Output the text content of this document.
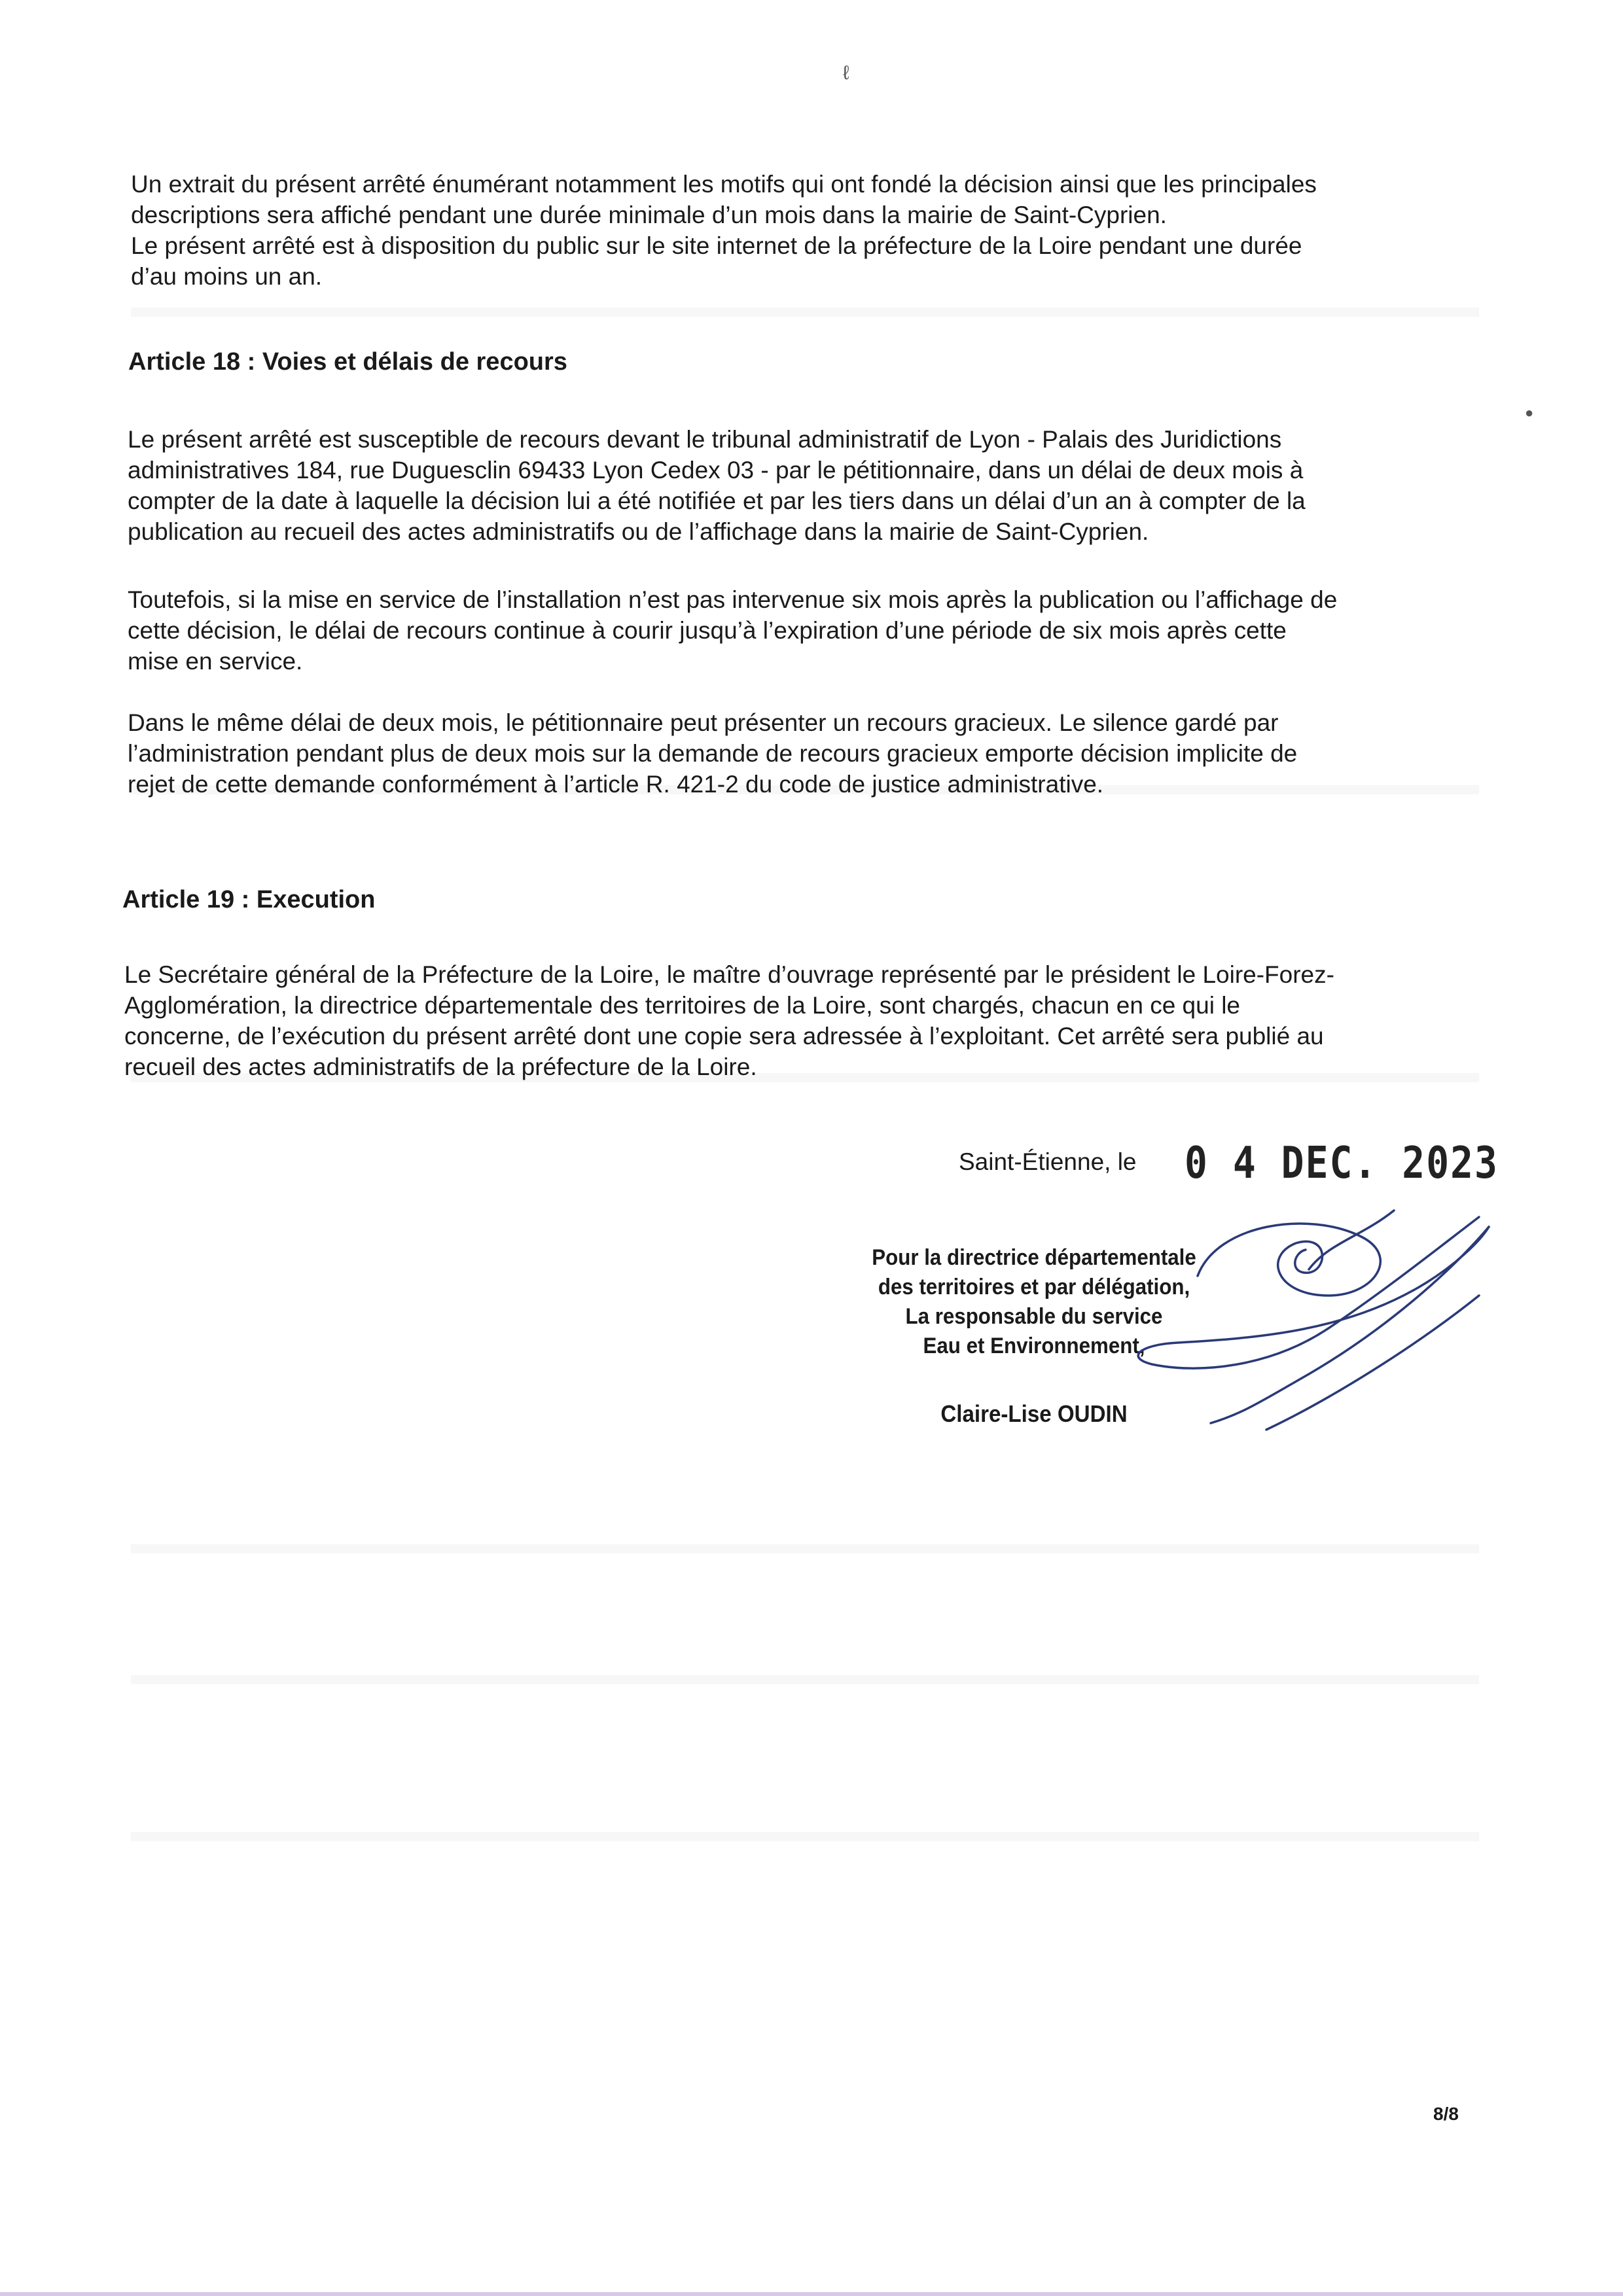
ℓ
●

Un extrait du présent arrêté énumérant notamment les motifs qui ont fondé la décision ainsi que les principales
descriptions sera affiché pendant une durée minimale d’un mois dans la mairie de Saint-Cyprien.
Le présent arrêté est à disposition du public sur le site internet de la préfecture de la Loire pendant une durée
d’au moins un an.

Article 18 : Voies et délais de recours

Le présent arrêté est susceptible de recours devant le tribunal administratif de Lyon - Palais des Juridictions
administratives 184, rue Duguesclin 69433 Lyon Cedex 03 - par le pétitionnaire, dans un délai de deux mois à
compter de la date à laquelle la décision lui a été notifiée et par les tiers dans un délai d’un an à compter de la
publication au recueil des actes administratifs ou de l’affichage dans la mairie de Saint-Cyprien.

Toutefois, si la mise en service de l’installation n’est pas intervenue six mois après la publication ou l’affichage de
cette décision, le délai de recours continue à courir jusqu’à l’expiration d’une période de six mois après cette
mise en service.

Dans le même délai de deux mois, le pétitionnaire peut présenter un recours gracieux. Le silence gardé par
l’administration pendant plus de deux mois sur la demande de recours gracieux emporte décision implicite de
rejet de cette demande conformément à l’article R. 421-2 du code de justice administrative.

Article 19 : Execution

Le Secrétaire général de la Préfecture de la Loire, le maître d’ouvrage représenté par le président le Loire-Forez-
Agglomération, la directrice départementale des territoires de la Loire, sont chargés, chacun en ce qui le
concerne, de l’exécution du présent arrêté dont une copie sera adressée à l’exploitant. Cet arrêté sera publié au
recueil des actes administratifs de la préfecture de la Loire.

Saint-Étienne, le 0 4 DEC. 2023
Pour la directrice départementale
des territoires et par délégation,
La responsable du service
Eau et Environnement,
Claire-Lise OUDIN
8/8
